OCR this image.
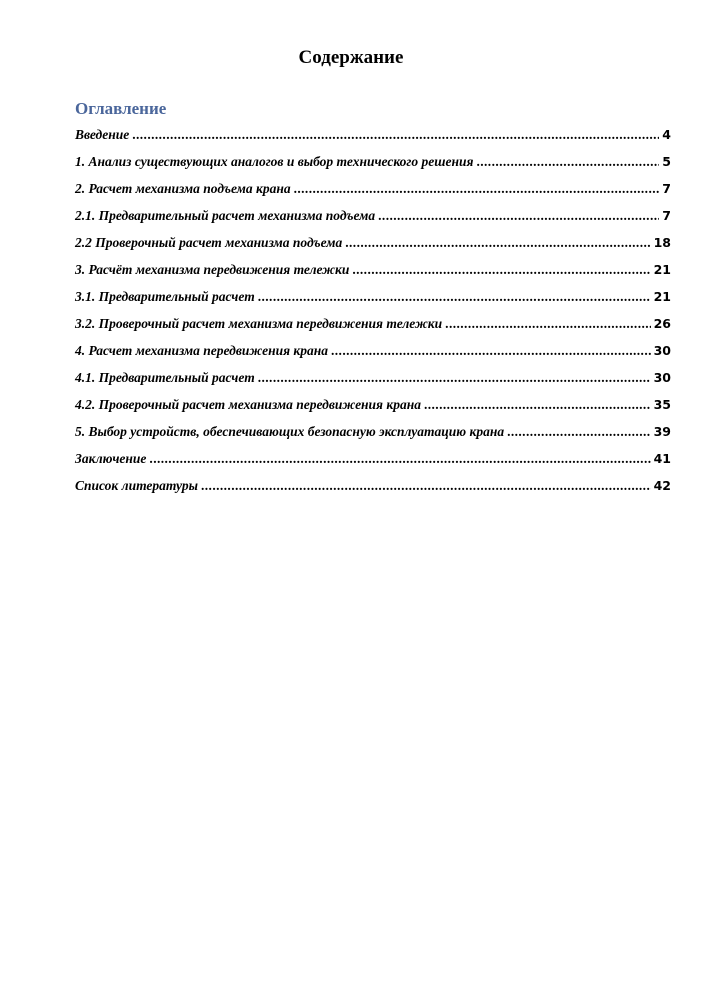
Содержание
Оглавление
Введение .....	4
1. Анализ существующих аналогов и выбор технического решения .....	5
2. Расчет механизма подъема крана .....	7
2.1. Предварительный расчет механизма подъема .....	7
2.2 Проверочный расчет механизма подъема .....	18
3. Расчёт механизма передвижения тележки .....	21
3.1. Предварительный расчет .....	21
3.2. Проверочный расчет механизма передвижения тележки .....	26
4. Расчет механизма передвижения крана .....	30
4.1. Предварительный расчет .....	30
4.2. Проверочный расчет механизма передвижения крана .....	35
5. Выбор устройств, обеспечивающих безопасную эксплуатацию крана .....	39
Заключение .....	41
Список литературы .....	42
